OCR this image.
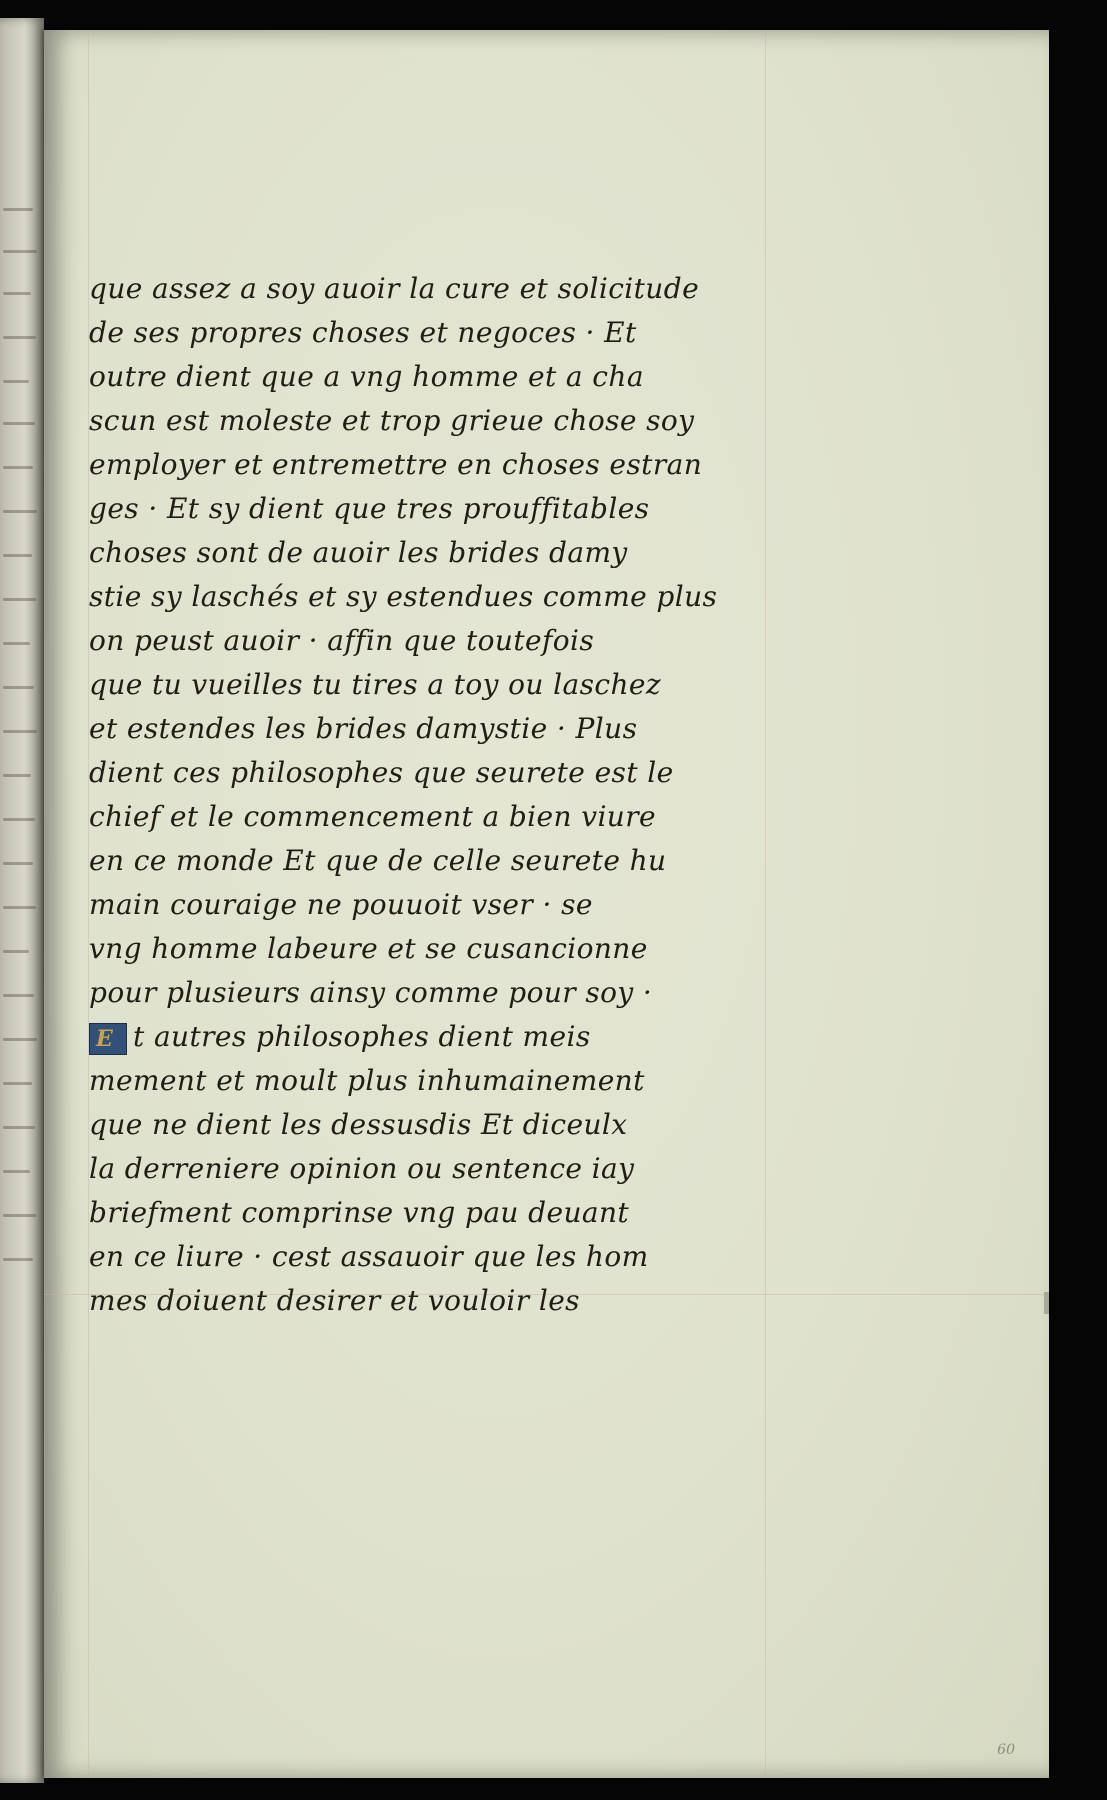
que assez a soy auoir la cure et solicitude
de ses propres choses et negoces · Et
outre dient que a vng homme et a cha
scun est moleste et trop grieue chose soy
employer et entremettre en choses estran
ges · Et sy dient que tres prouffitables
choses sont de auoir les brides damy
stie sy laschés et sy estendues comme plus
on peust auoir · affin que toutefois
que tu vueilles tu tires a toy ou laschez
et estendes les brides damystie · Plus
dient ces philosophes que seurete est le
chief et le commencement a bien viure
en ce monde Et que de celle seurete hu
main couraige ne pouuoit vser · se
vng homme labeure et se cusancionne
pour plusieurs ainsy comme pour soy ·
E t autres philosophes dient meis
mement et moult plus inhumainement
que ne dient les dessusdis Et diceulx
la derreniere opinion ou sentence iay
briefment comprinse vng pau deuant
en ce liure · cest assauoir que les hom
mes doiuent desirer et vouloir les
60
